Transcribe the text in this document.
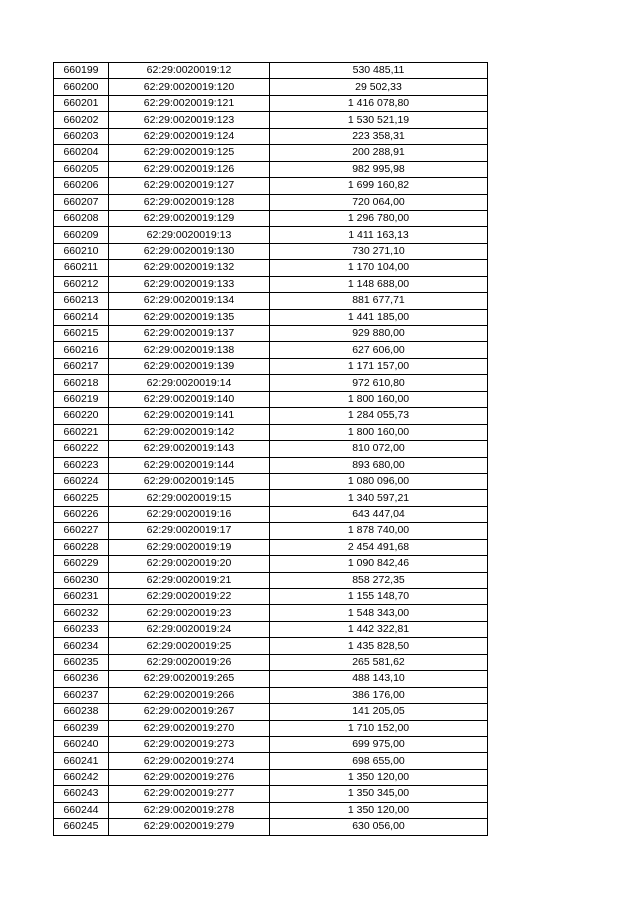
660199	62:29:0020019:12	530 485,11
660200	62:29:0020019:120	29 502,33
660201	62:29:0020019:121	1 416 078,80
660202	62:29:0020019:123	1 530 521,19
660203	62:29:0020019:124	223 358,31
660204	62:29:0020019:125	200 288,91
660205	62:29:0020019:126	982 995,98
660206	62:29:0020019:127	1 699 160,82
660207	62:29:0020019:128	720 064,00
660208	62:29:0020019:129	1 296 780,00
660209	62:29:0020019:13	1 411 163,13
660210	62:29:0020019:130	730 271,10
660211	62:29:0020019:132	1 170 104,00
660212	62:29:0020019:133	1 148 688,00
660213	62:29:0020019:134	881 677,71
660214	62:29:0020019:135	1 441 185,00
660215	62:29:0020019:137	929 880,00
660216	62:29:0020019:138	627 606,00
660217	62:29:0020019:139	1 171 157,00
660218	62:29:0020019:14	972 610,80
660219	62:29:0020019:140	1 800 160,00
660220	62:29:0020019:141	1 284 055,73
660221	62:29:0020019:142	1 800 160,00
660222	62:29:0020019:143	810 072,00
660223	62:29:0020019:144	893 680,00
660224	62:29:0020019:145	1 080 096,00
660225	62:29:0020019:15	1 340 597,21
660226	62:29:0020019:16	643 447,04
660227	62:29:0020019:17	1 878 740,00
660228	62:29:0020019:19	2 454 491,68
660229	62:29:0020019:20	1 090 842,46
660230	62:29:0020019:21	858 272,35
660231	62:29:0020019:22	1 155 148,70
660232	62:29:0020019:23	1 548 343,00
660233	62:29:0020019:24	1 442 322,81
660234	62:29:0020019:25	1 435 828,50
660235	62:29:0020019:26	265 581,62
660236	62:29:0020019:265	488 143,10
660237	62:29:0020019:266	386 176,00
660238	62:29:0020019:267	141 205,05
660239	62:29:0020019:270	1 710 152,00
660240	62:29:0020019:273	699 975,00
660241	62:29:0020019:274	698 655,00
660242	62:29:0020019:276	1 350 120,00
660243	62:29:0020019:277	1 350 345,00
660244	62:29:0020019:278	1 350 120,00
660245	62:29:0020019:279	630 056,00
